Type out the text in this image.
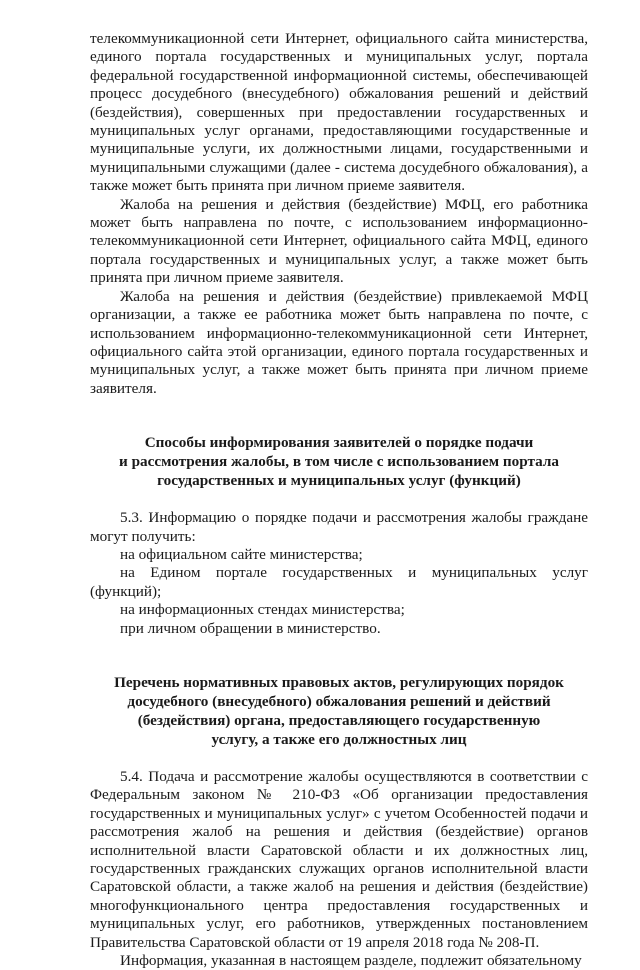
телекоммуникационной сети Интернет, официального сайта министерства, единого портала государственных и муниципальных услуг, портала федеральной государственной информационной системы, обеспечивающей процесс досудебного (внесудебного) обжалования решений и действий (бездействия), совершенных при предоставлении государственных и муниципальных услуг органами, предоставляющими государственные и муниципальные услуги, их должностными лицами, государственными и муниципальными служащими (далее - система досудебного обжалования), а также может быть принята при личном приеме заявителя.

Жалоба на решения и действия (бездействие) МФЦ, его работника может быть направлена по почте, с использованием информационно-телекоммуникационной сети Интернет, официального сайта МФЦ, единого портала государственных и муниципальных услуг, а также может быть принята при личном приеме заявителя.

Жалоба на решения и действия (бездействие) привлекаемой МФЦ организации, а также ее работника может быть направлена по почте, с использованием информационно-телекоммуникационной сети Интернет, официального сайта этой организации, единого портала государственных и муниципальных услуг, а также может быть принята при личном приеме заявителя.

Способы информирования заявителей о порядке подачи

и рассмотрения жалобы, в том числе с использованием портала

государственных и муниципальных услуг (функций)

5.3. Информацию о порядке подачи и рассмотрения жалобы граждане могут получить:

на официальном сайте министерства;

на Едином портале государственных и муниципальных услуг (функций);

на информационных стендах министерства;

при личном обращении в министерство.

Перечень нормативных правовых актов, регулирующих порядок

досудебного (внесудебного) обжалования решений и действий

(бездействия) органа, предоставляющего государственную

услугу, а также его должностных лиц

5.4. Подача и рассмотрение жалобы осуществляются в соответствии с Федеральным законом № 210-ФЗ «Об организации предоставления государственных и муниципальных услуг» с учетом Особенностей подачи и рассмотрения жалоб на решения и действия (бездействие) органов исполнительной власти Саратовской области и их должностных лиц, государственных гражданских служащих органов исполнительной власти Саратовской области, а также жалоб на решения и действия (бездействие) многофункционального центра предоставления государственных и муниципальных услуг, его работников, утвержденных постановлением Правительства Саратовской области от 19 апреля 2018 года № 208-П.

Информация, указанная в настоящем разделе, подлежит обязательному
